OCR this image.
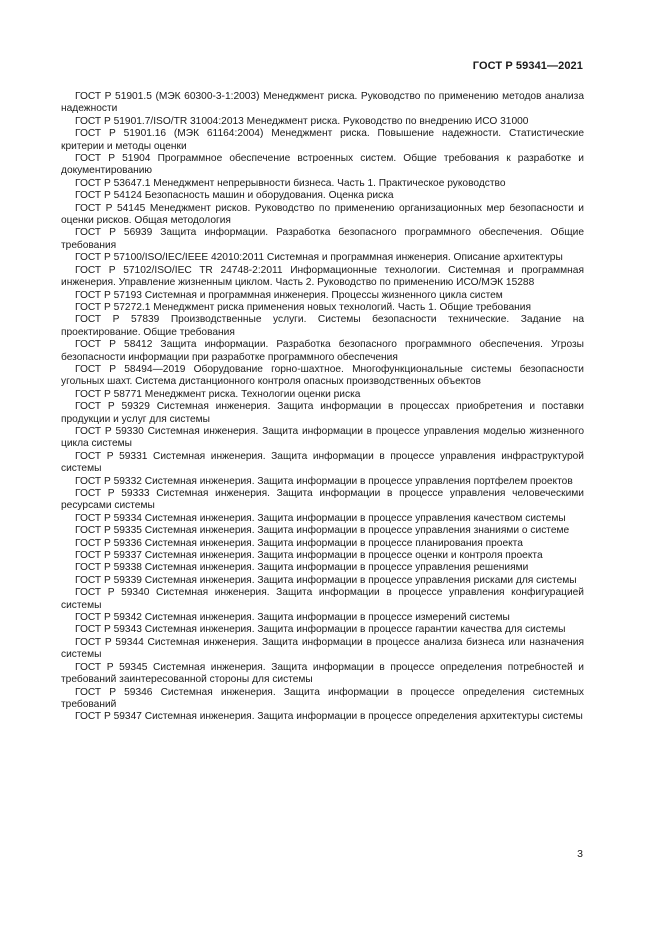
ГОСТ Р 59341—2021

ГОСТ Р 51901.5 (МЭК 60300-3-1:2003) Менеджмент риска. Руководство по применению методов анализа надежности

ГОСТ Р 51901.7/ISO/TR 31004:2013 Менеджмент риска. Руководство по внедрению ИСО 31000

ГОСТ Р 51901.16 (МЭК 61164:2004) Менеджмент риска. Повышение надежности. Статистические критерии и методы оценки

ГОСТ Р 51904 Программное обеспечение встроенных систем. Общие требования к разработке и документированию

ГОСТ Р 53647.1 Менеджмент непрерывности бизнеса. Часть 1. Практическое руководство

ГОСТ Р 54124 Безопасность машин и оборудования. Оценка риска

ГОСТ Р 54145 Менеджмент рисков. Руководство по применению организационных мер безопасности и оценки рисков. Общая методология

ГОСТ Р 56939 Защита информации. Разработка безопасного программного обеспечения. Общие требования

ГОСТ Р 57100/ISO/IEC/IEEE 42010:2011 Системная и программная инженерия. Описание архитектуры

ГОСТ Р 57102/ISO/IEC TR 24748-2:2011 Информационные технологии. Системная и программная инженерия. Управление жизненным циклом. Часть 2. Руководство по применению ИСО/МЭК 15288

ГОСТ Р 57193 Системная и программная инженерия. Процессы жизненного цикла систем

ГОСТ Р 57272.1 Менеджмент риска применения новых технологий. Часть 1. Общие требования

ГОСТ Р 57839 Производственные услуги. Системы безопасности технические. Задание на проектирование. Общие требования

ГОСТ Р 58412 Защита информации. Разработка безопасного программного обеспечения. Угрозы безопасности информации при разработке программного обеспечения

ГОСТ Р 58494—2019 Оборудование горно-шахтное. Многофункциональные системы безопасности угольных шахт. Система дистанционного контроля опасных производственных объектов

ГОСТ Р 58771 Менеджмент риска. Технологии оценки риска

ГОСТ Р 59329 Системная инженерия. Защита информации в процессах приобретения и поставки продукции и услуг для системы

ГОСТ Р 59330 Системная инженерия. Защита информации в процессе управления моделью жизненного цикла системы

ГОСТ Р 59331 Системная инженерия. Защита информации в процессе управления инфраструктурой системы

ГОСТ Р 59332 Системная инженерия. Защита информации в процессе управления портфелем проектов

ГОСТ Р 59333 Системная инженерия. Защита информации в процессе управления человеческими ресурсами системы

ГОСТ Р 59334 Системная инженерия. Защита информации в процессе управления качеством системы

ГОСТ Р 59335 Системная инженерия. Защита информации в процессе управления знаниями о системе

ГОСТ Р 59336 Системная инженерия. Защита информации в процессе планирования проекта

ГОСТ Р 59337 Системная инженерия. Защита информации в процессе оценки и контроля проекта

ГОСТ Р 59338 Системная инженерия. Защита информации в процессе управления решениями

ГОСТ Р 59339 Системная инженерия. Защита информации в процессе управления рисками для системы

ГОСТ Р 59340 Системная инженерия. Защита информации в процессе управления конфигурацией системы

ГОСТ Р 59342 Системная инженерия. Защита информации в процессе измерений системы

ГОСТ Р 59343 Системная инженерия. Защита информации в процессе гарантии качества для системы

ГОСТ Р 59344 Системная инженерия. Защита информации в процессе анализа бизнеса или назначения системы

ГОСТ Р 59345 Системная инженерия. Защита информации в процессе определения потребностей и требований заинтересованной стороны для системы

ГОСТ Р 59346 Системная инженерия. Защита информации в процессе определения системных требований

ГОСТ Р 59347 Системная инженерия. Защита информации в процессе определения архитектуры системы

3
